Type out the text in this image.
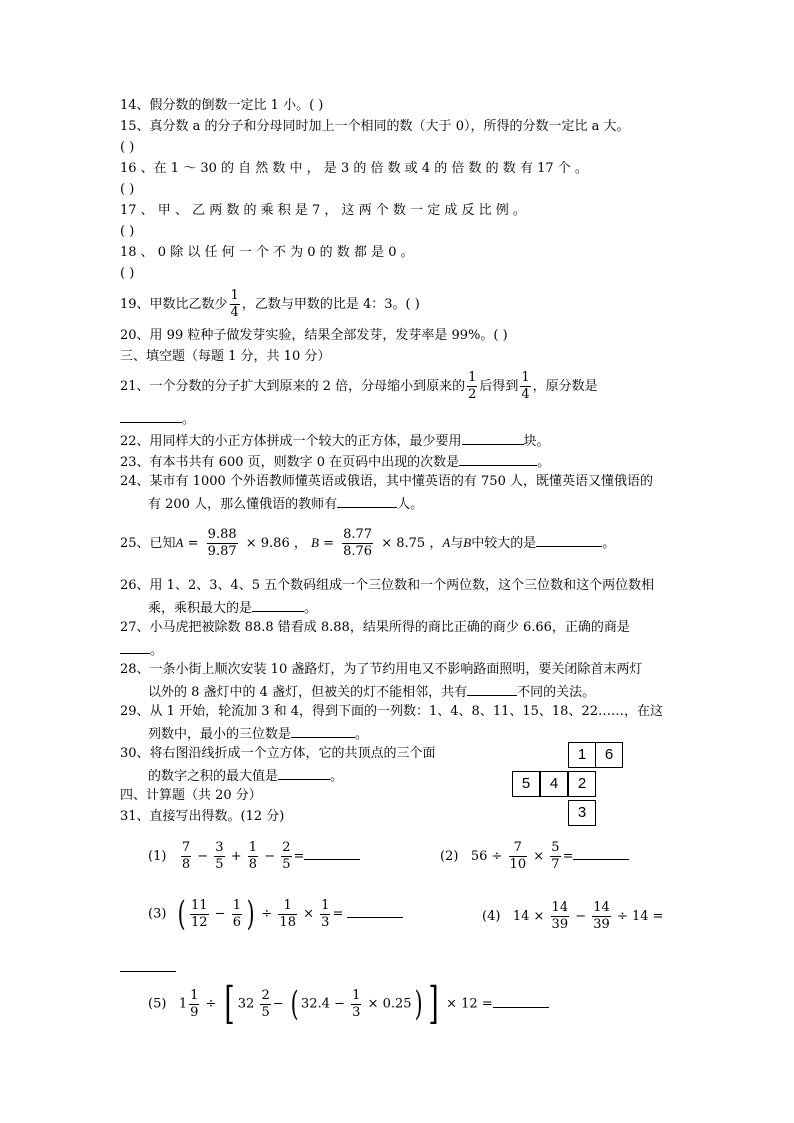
14、假分数的倒数一定比 1 小。( )
15、真分数 a 的分子和分母同时加上一个相同的数（大于 0），所得的分数一定比 a 大。
( )
16 、在 1 ～ 30 的 自 然 数 中 ， 是 3 的 倍 数 或 4 的 倍 数 的 数 有 17 个 。
( )
17 、 甲 、 乙 两 数 的 乘 积 是 7 ， 这 两 个 数 一 定 成 反 比 例 。
( )
18 、 0 除 以 任 何 一 个 不 为 0 的 数 都 是 0 。
( )
19、甲数比乙数少 $\frac{1}{4}$ ，乙数与甲数的比是 4：3。( )
20、用 99 粒种子做发芽实验，结果全部发芽，发芽率是 99%。( )
三、填空题（每题 1 分，共 10 分）
21、一个分数的分子扩大到原来的 2 倍，分母缩小到原来的 $\frac{1}{2}$ 后得到 $\frac{1}{4}$ ，原分数是
。
22、用同样大的小正方体拼成一个较大的正方体，最少要用	块。
23、有本书共有 600 页，则数字 0 在页码中出现的次数是	。
24、某市有 1000 个外语教师懂英语或俄语，其中懂英语的有 750 人，既懂英语又懂俄语的
有 200 人，那么懂俄语的教师有	人。
25、已知$A = \frac{9.88}{9.87} \times 9.86$ ， $B = \frac{8.77}{8.76} \times 8.75$ ，A与B中较大的是	。
26、用 1、2、3、4、5 五个数码组成一个三位数和一个两位数，这个三位数和这个两位数相
乘，乘积最大的是	。
27、小马虎把被除数 88.8 错看成 8.88，结果所得的商比正确的商少 6.66，正确的商是
。
28、一条小街上顺次安装 10 盏路灯，为了节约用电又不影响路面照明，要关闭除首末两灯
以外的 8 盏灯中的 4 盏灯，但被关的灯不能相邻，共有	不同的关法。
29、从 1 开始，轮流加 3 和 4，得到下面的一列数：1、4、8、11、15、18、22……，在这
列数中，最小的三位数是	。
30、将右图沿线折成一个立方体，它的共顶点的三个面
的数字之积的最大值是	。
1	6
5	4	2
3
四、计算题（共 20 分）
31、直接写出得数。(12 分)
$(1) \frac{7}{8} - \frac{3}{5} + \frac{1}{8} - \frac{2}{5}$ =	(2) $56 \div \frac{7}{10} \times \frac{5}{7}$ =
(3) ( $\frac{11}{12} - \frac{1}{6}$ ) ÷ $\frac{1}{18} \times \frac{1}{3}$ =	(4) $14 \times \frac{14}{39} - \frac{14}{39} \div 14$ =
(5) $1 \frac{1}{9}$ ÷ [ $32 \frac{2}{5}$ − ( $32.4 - \frac{1}{3} \times 0.25$) ] × 12 =
